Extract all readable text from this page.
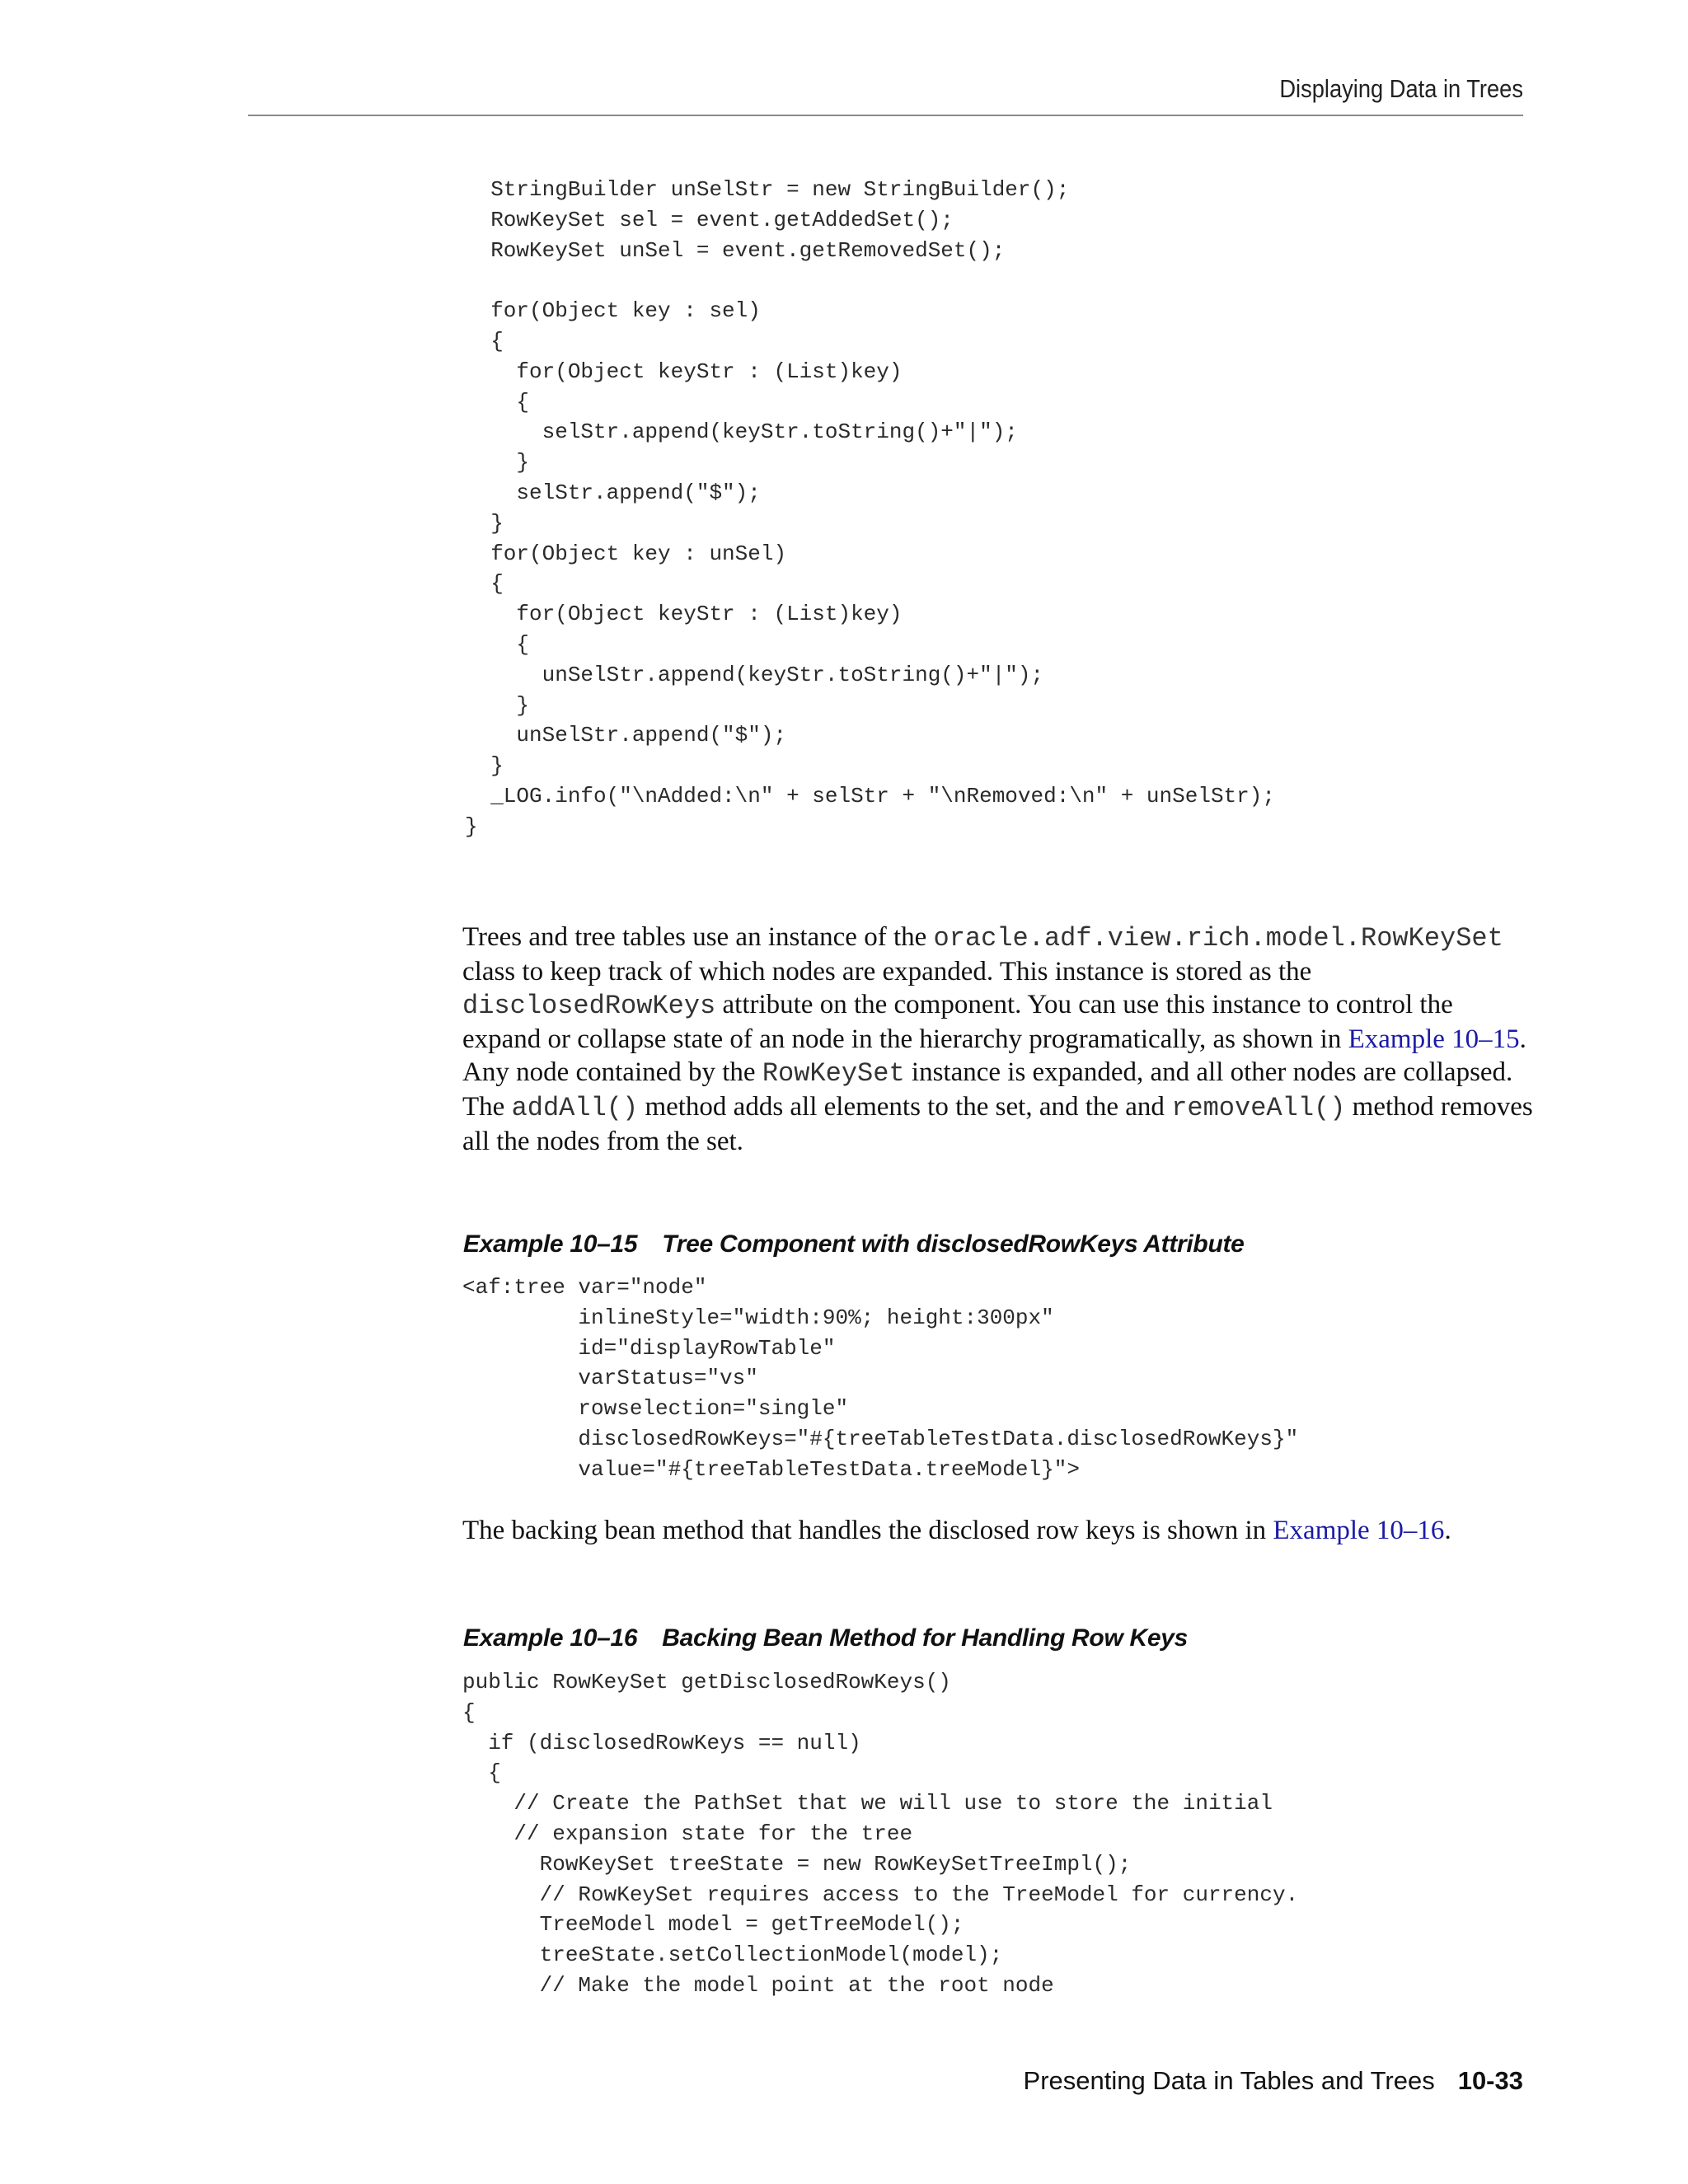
Displaying Data in Trees
StringBuilder unSelStr = new StringBuilder();
RowKeySet sel = event.getAddedSet();
RowKeySet unSel = event.getRemovedSet();

for(Object key : sel)
{
for(Object keyStr : (List)key)
{
selStr.append(keyStr.toString()+"|");
}
selStr.append("$");
}
for(Object key : unSel)
{
for(Object keyStr : (List)key)
{
unSelStr.append(keyStr.toString()+"|");
}
unSelStr.append("$");
}
_LOG.info("\nAdded:\n" + selStr + "\nRemoved:\n" + unSelStr);
}

Trees and tree tables use an instance of the oracle.adf.view.rich.model.RowKeySet class to keep track of which nodes are expanded. This instance is stored as the disclosedRowKeys attribute on the component. You can use this instance to control the expand or collapse state of an node in the hierarchy programatically, as shown in Example 10–15. Any node contained by the RowKeySet instance is expanded, and all other nodes are collapsed. The addAll() method adds all elements to the set, and the and removeAll() method removes all the nodes from the set.

Example 10–15 Tree Component with disclosedRowKeys Attribute

<af:tree var="node"
inlineStyle="width:90%; height:300px"
id="displayRowTable"
varStatus="vs"
rowselection="single"
disclosedRowKeys="#{treeTableTestData.disclosedRowKeys}"
value="#{treeTableTestData.treeModel}">

The backing bean method that handles the disclosed row keys is shown in Example 10–16.

Example 10–16 Backing Bean Method for Handling Row Keys

public RowKeySet getDisclosedRowKeys()
{
if (disclosedRowKeys == null)
{
// Create the PathSet that we will use to store the initial
// expansion state for the tree
RowKeySet treeState = new RowKeySetTreeImpl();
// RowKeySet requires access to the TreeModel for currency.
TreeModel model = getTreeModel();
treeState.setCollectionModel(model);
// Make the model point at the root node
Presenting Data in Tables and Trees 10-33
